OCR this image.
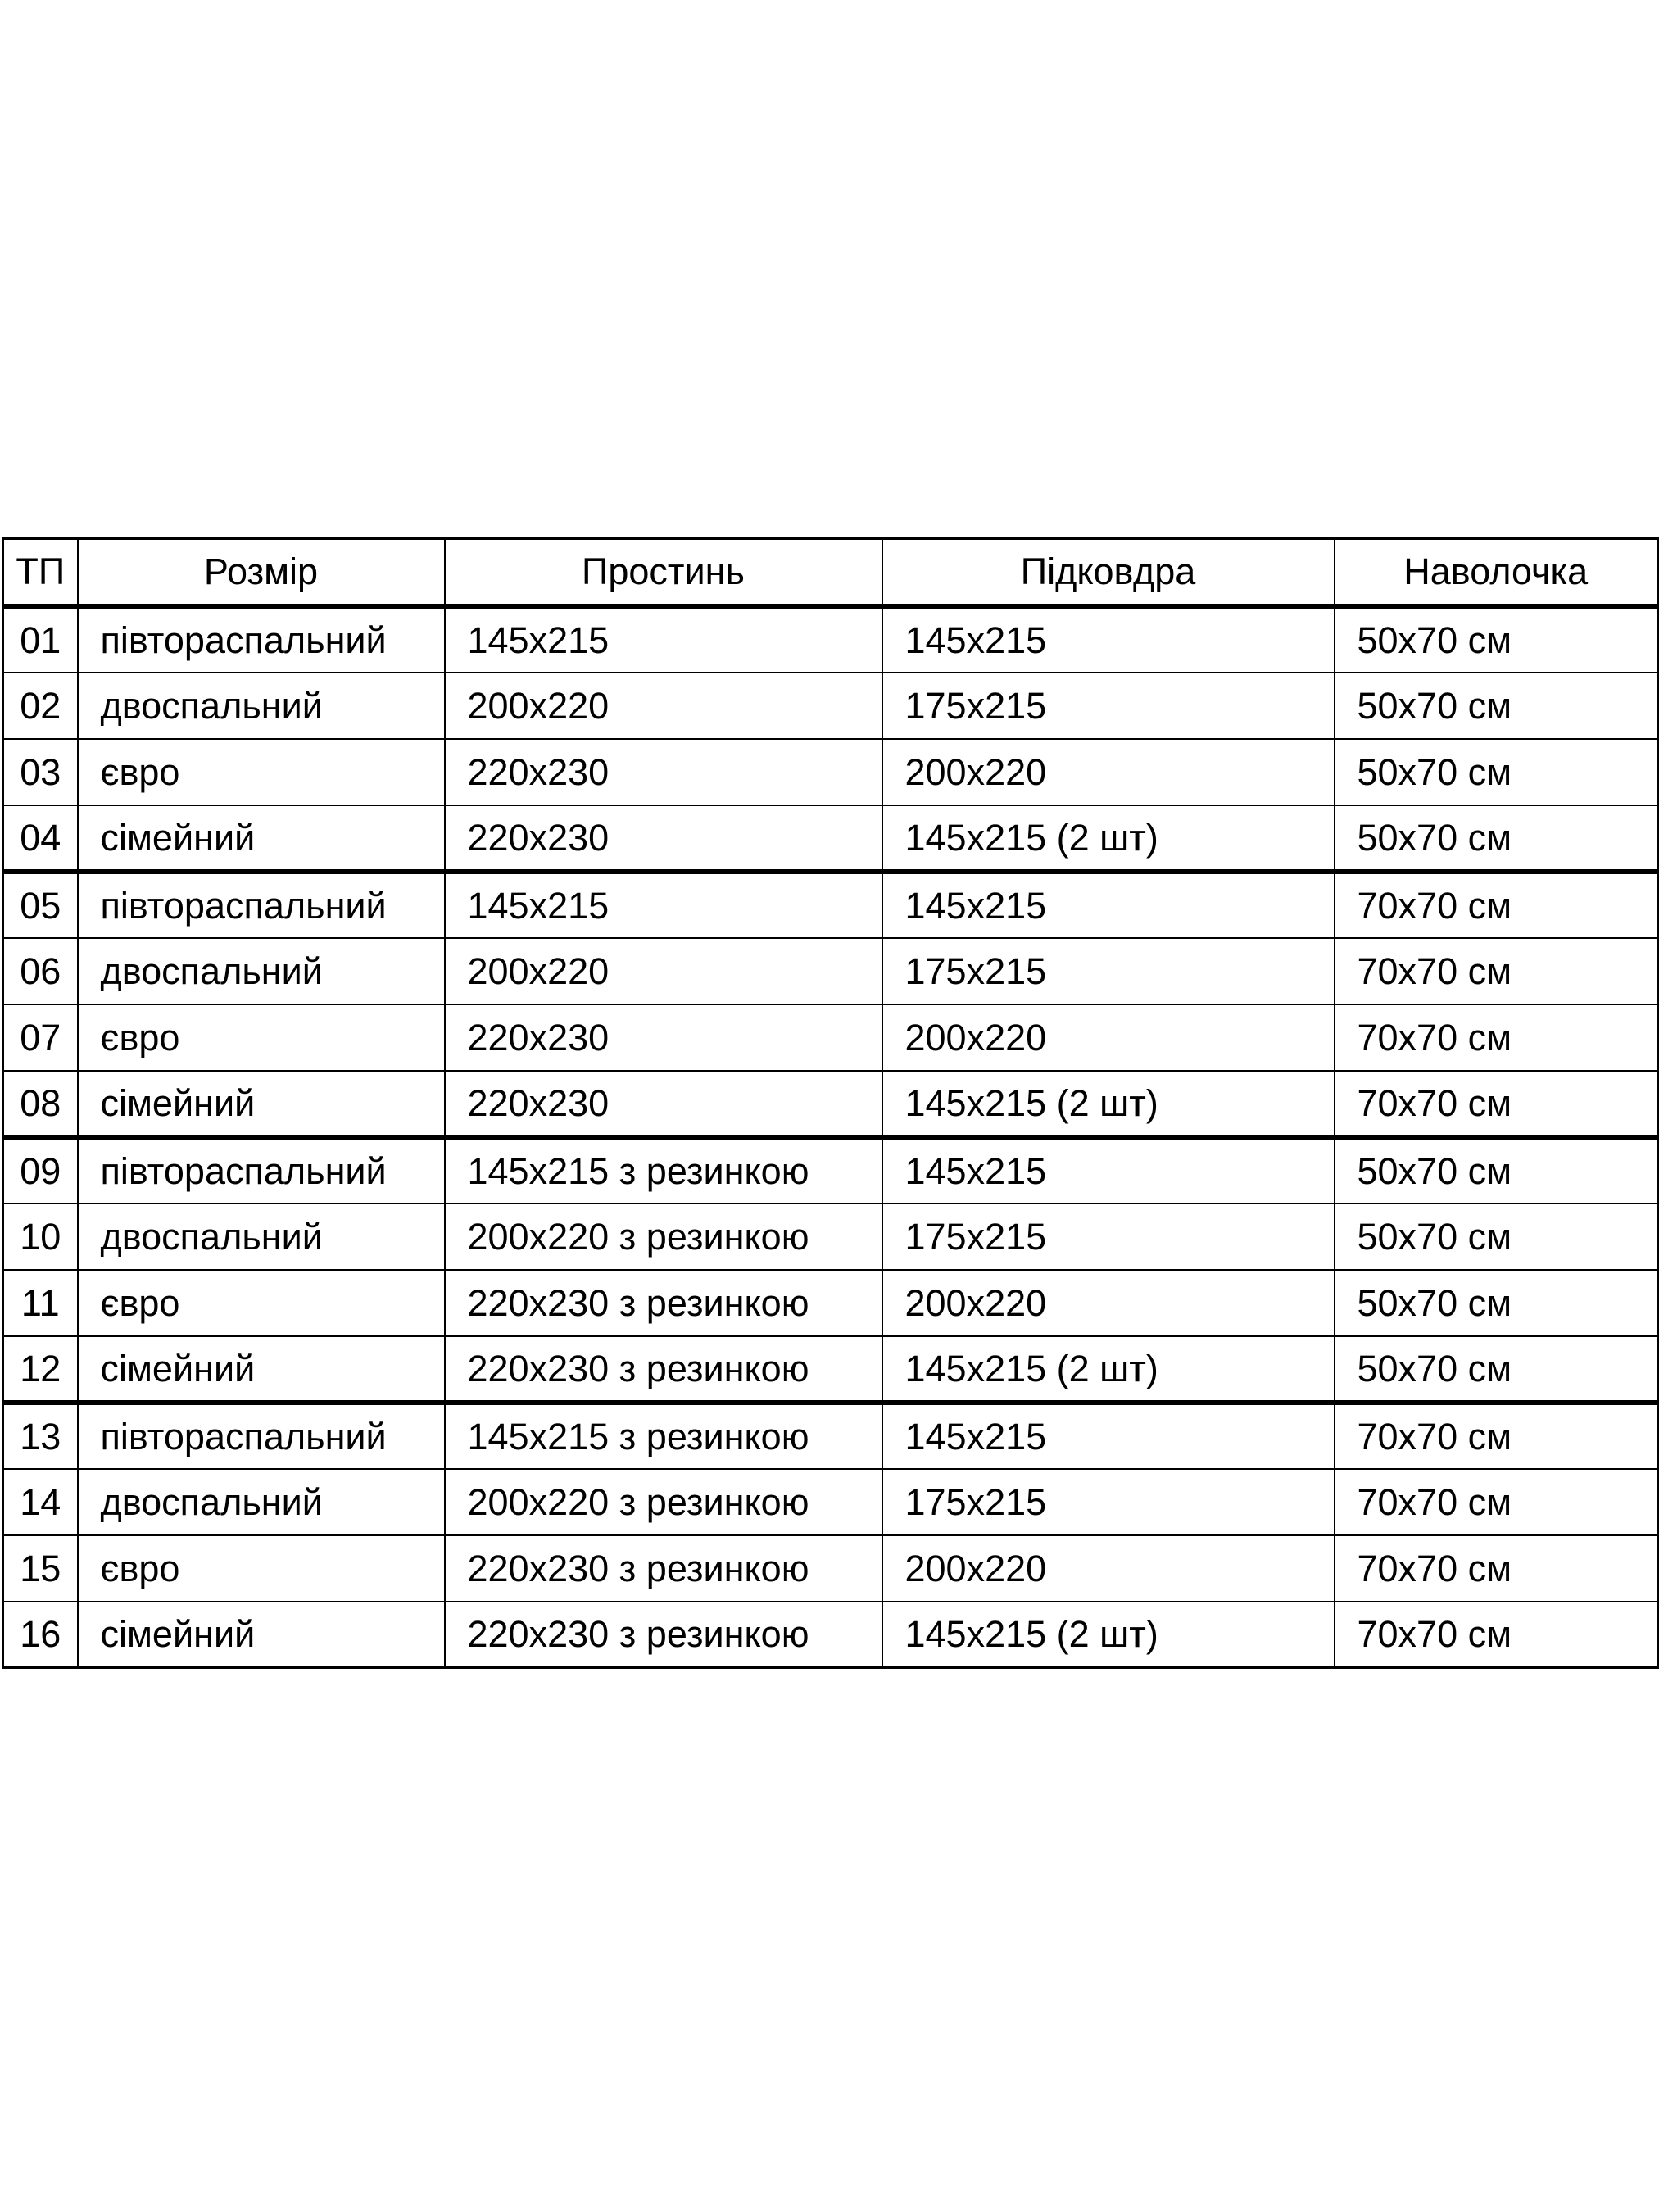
ТП	Розмір	Простинь	Підковдра	Наволочка
01	півтораспальний	145х215	145х215	50х70 см
02	двоспальний	200х220	175х215	50х70 см
03	євро	220х230	200х220	50х70 см
04	сімейний	220х230	145х215 (2 шт)	50х70 см
05	півтораспальний	145х215	145х215	70х70 см
06	двоспальний	200х220	175х215	70х70 см
07	євро	220х230	200х220	70х70 см
08	сімейний	220х230	145х215 (2 шт)	70х70 см
09	півтораспальний	145х215 з резинкою	145х215	50х70 см
10	двоспальний	200х220 з резинкою	175х215	50х70 см
11	євро	220х230 з резинкою	200х220	50х70 см
12	сімейний	220х230 з резинкою	145х215 (2 шт)	50х70 см
13	півтораспальний	145х215 з резинкою	145х215	70х70 см
14	двоспальний	200х220 з резинкою	175х215	70х70 см
15	євро	220х230 з резинкою	200х220	70х70 см
16	сімейний	220х230 з резинкою	145х215 (2 шт)	70х70 см
